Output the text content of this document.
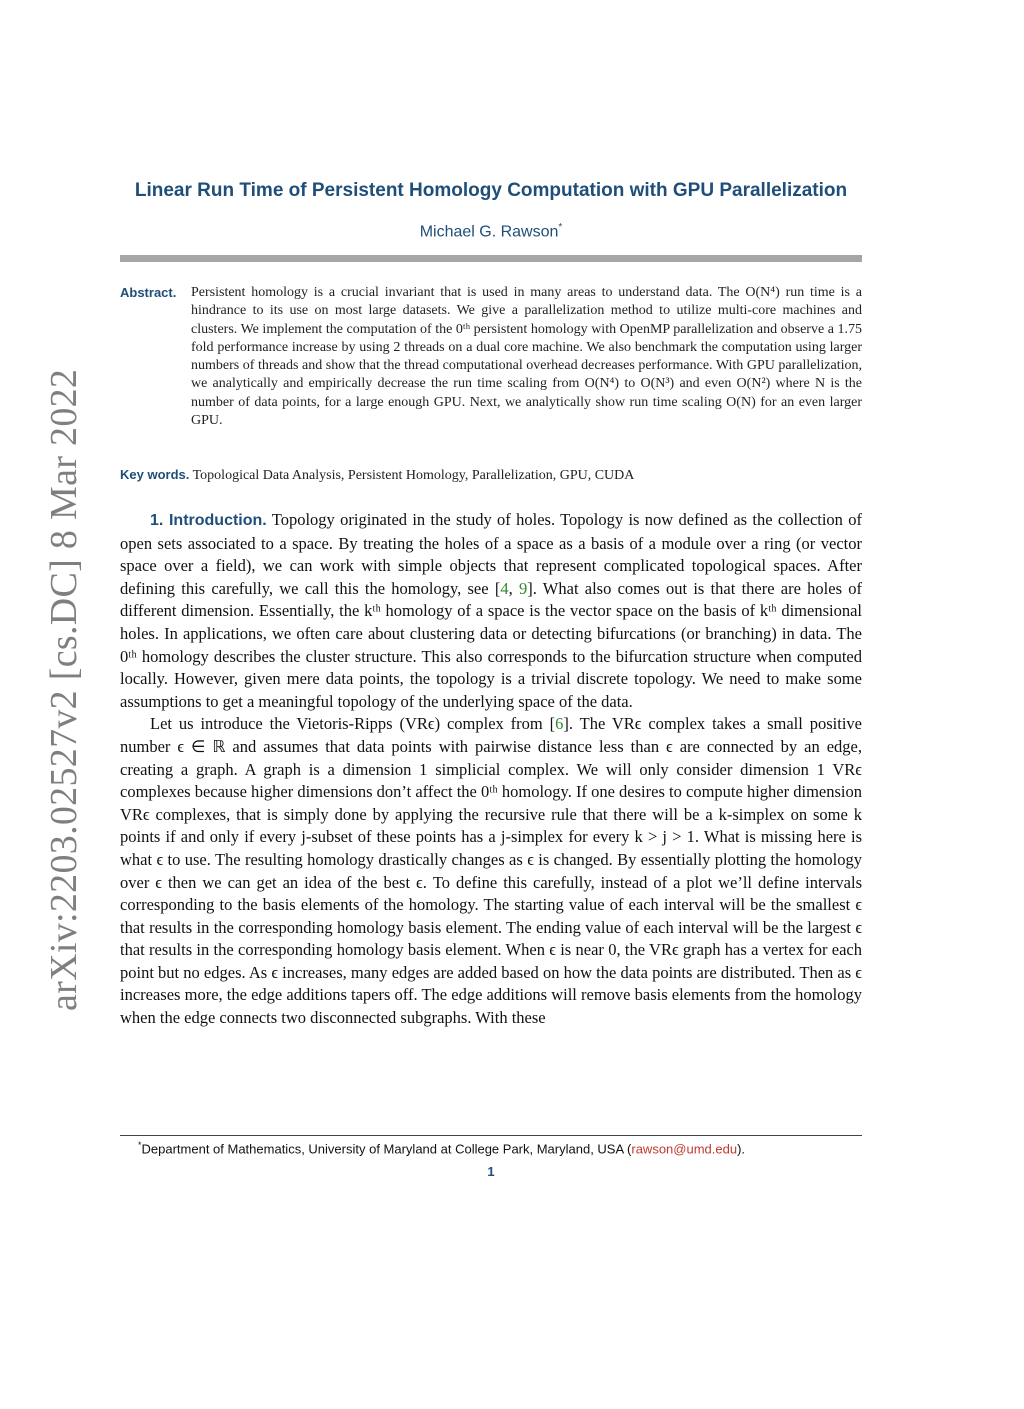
arXiv:2203.02527v2 [cs.DC] 8 Mar 2022
Linear Run Time of Persistent Homology Computation with GPU Parallelization
Michael G. Rawson*
Abstract. Persistent homology is a crucial invariant that is used in many areas to understand data. The O(N⁴) run time is a hindrance to its use on most large datasets. We give a parallelization method to utilize multi-core machines and clusters. We implement the computation of the 0ᵗʰ persistent homology with OpenMP parallelization and observe a 1.75 fold performance increase by using 2 threads on a dual core machine. We also benchmark the computation using larger numbers of threads and show that the thread computational overhead decreases performance. With GPU parallelization, we analytically and empirically decrease the run time scaling from O(N⁴) to O(N³) and even O(N²) where N is the number of data points, for a large enough GPU. Next, we analytically show run time scaling O(N) for an even larger GPU.
Key words. Topological Data Analysis, Persistent Homology, Parallelization, GPU, CUDA

1. Introduction. Topology originated in the study of holes. Topology is now defined as the collection of open sets associated to a space. By treating the holes of a space as a basis of a module over a ring (or vector space over a field), we can work with simple objects that represent complicated topological spaces. After defining this carefully, we call this the homology, see [4, 9]. What also comes out is that there are holes of different dimension. Essentially, the kᵗʰ homology of a space is the vector space on the basis of kᵗʰ dimensional holes. In applications, we often care about clustering data or detecting bifurcations (or branching) in data. The 0ᵗʰ homology describes the cluster structure. This also corresponds to the bifurcation structure when computed locally. However, given mere data points, the topology is a trivial discrete topology. We need to make some assumptions to get a meaningful topology of the underlying space of the data.

Let us introduce the Vietoris-Ripps (VRϵ) complex from [6]. The VRϵ complex takes a small positive number ϵ ∈ ℝ and assumes that data points with pairwise distance less than ϵ are connected by an edge, creating a graph. A graph is a dimension 1 simplicial complex. We will only consider dimension 1 VRϵ complexes because higher dimensions don’t affect the 0ᵗʰ homology. If one desires to compute higher dimension VRϵ complexes, that is simply done by applying the recursive rule that there will be a k-simplex on some k points if and only if every j-subset of these points has a j-simplex for every k > j > 1. What is missing here is what ϵ to use. The resulting homology drastically changes as ϵ is changed. By essentially plotting the homology over ϵ then we can get an idea of the best ϵ. To define this carefully, instead of a plot we’ll define intervals corresponding to the basis elements of the homology. The starting value of each interval will be the smallest ϵ that results in the corresponding homology basis element. The ending value of each interval will be the largest ϵ that results in the corresponding homology basis element. When ϵ is near 0, the VRϵ graph has a vertex for each point but no edges. As ϵ increases, many edges are added based on how the data points are distributed. Then as ϵ increases more, the edge additions tapers off. The edge additions will remove basis elements from the homology when the edge connects two disconnected subgraphs. With these

*Department of Mathematics, University of Maryland at College Park, Maryland, USA (rawson@umd.edu).
1
